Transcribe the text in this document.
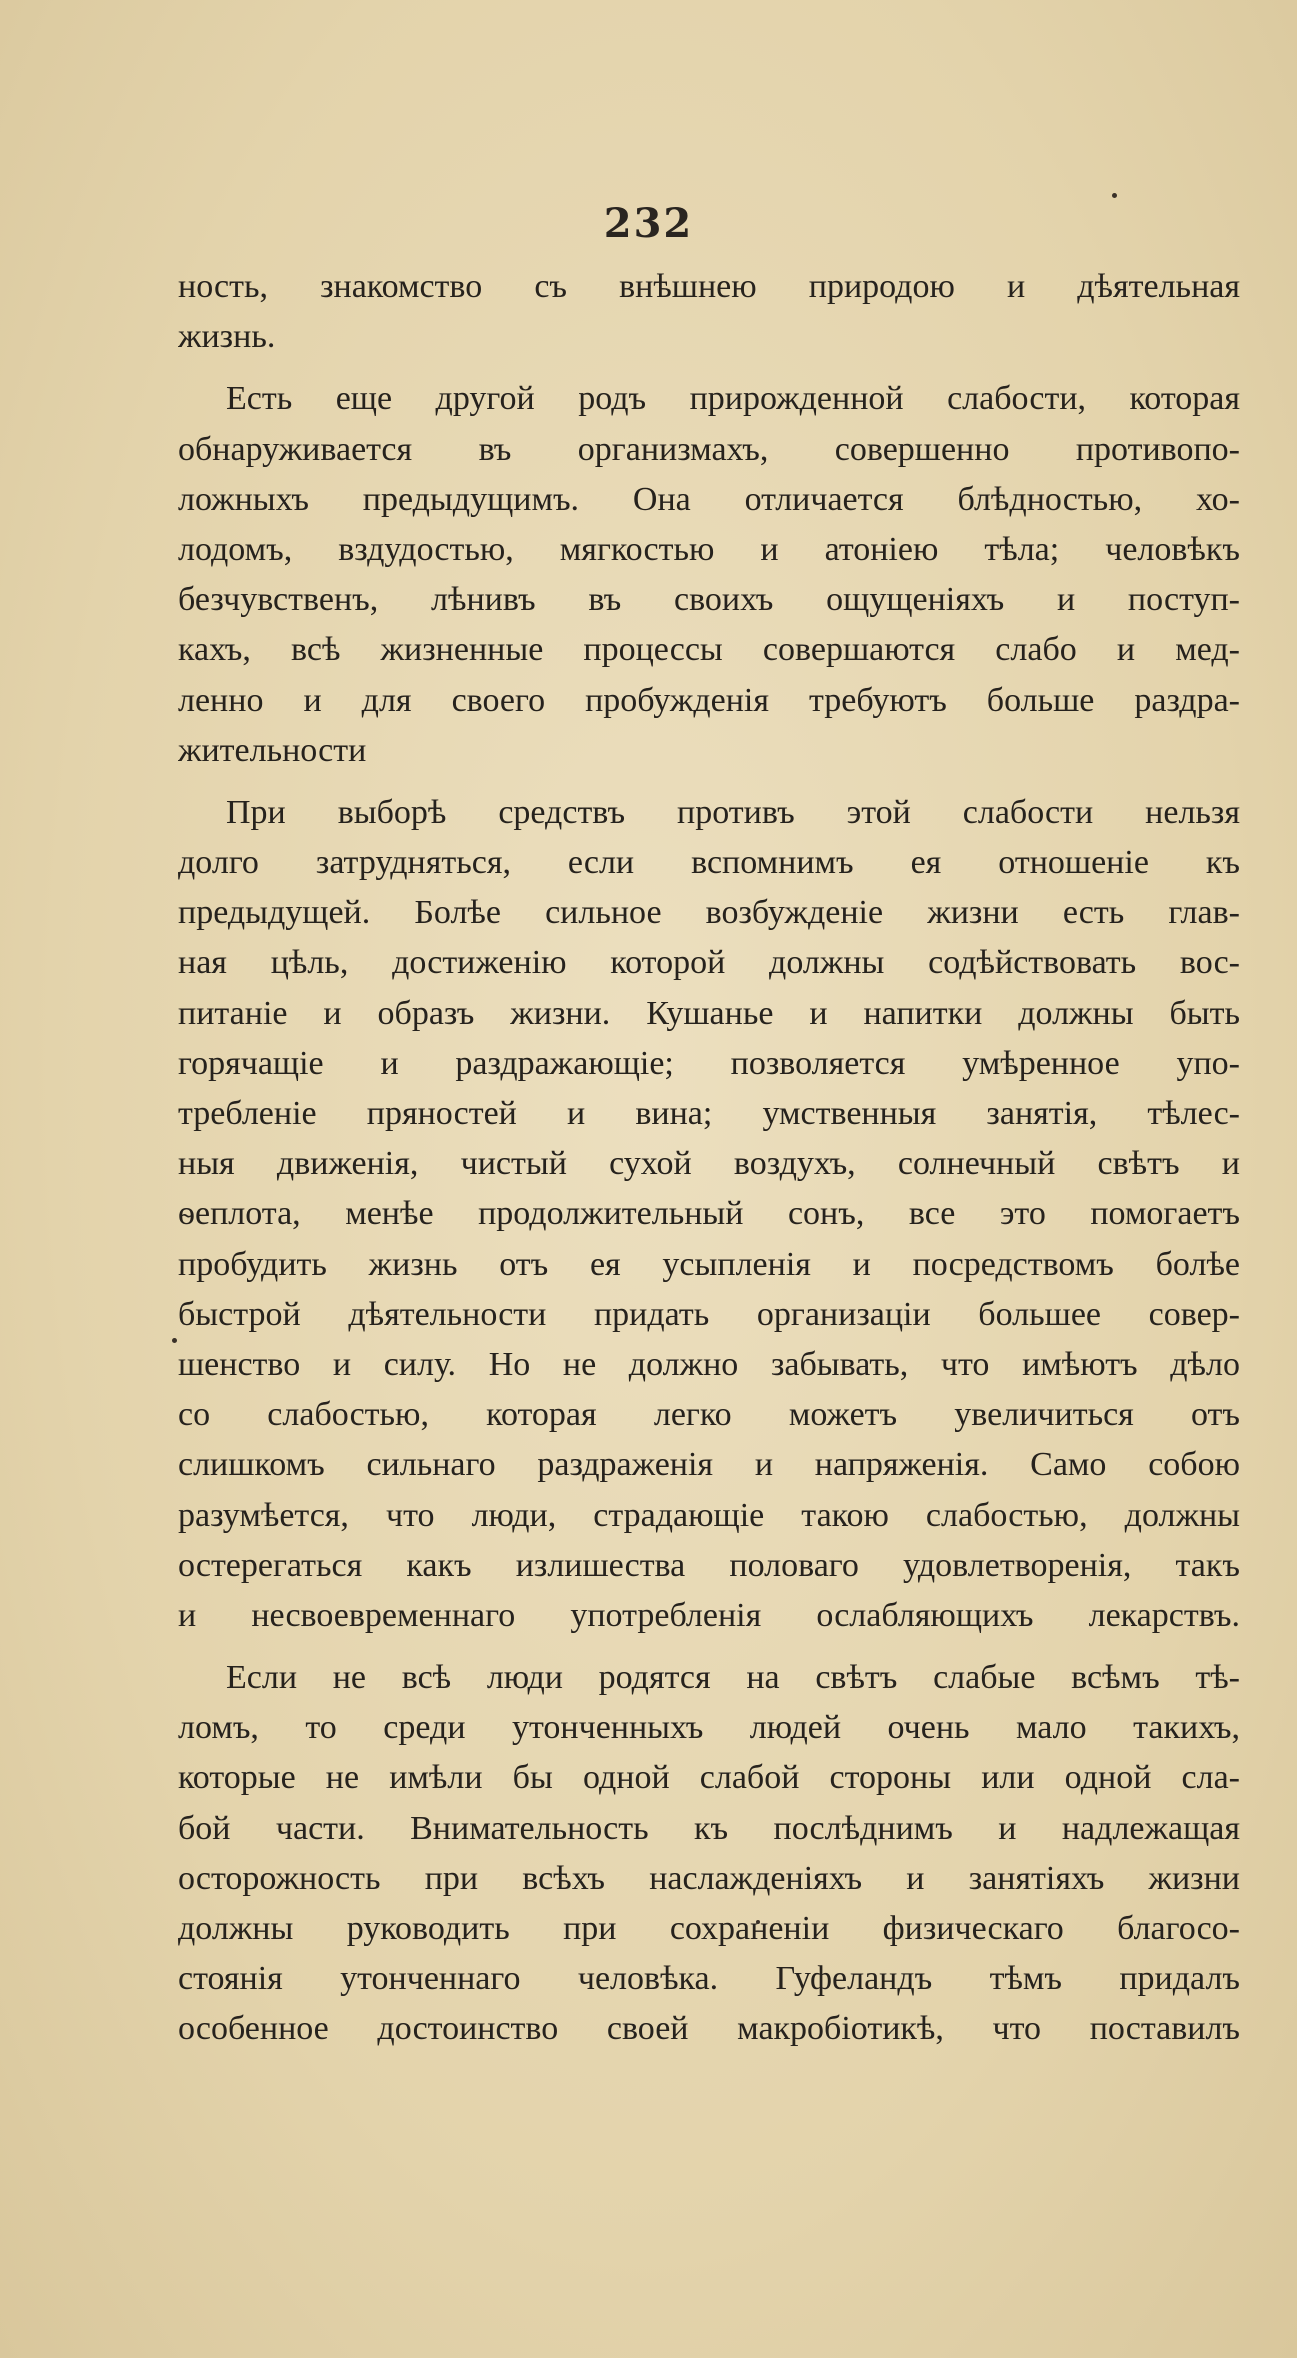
232
ность, знакомство съ внѣшнею природою и дѣятельная
жизнь.
Есть еще другой родъ прирожденной слабости, которая
обнаруживается въ организмахъ, совершенно противопо-
ложныхъ предыдущимъ. Она отличается блѣдностью, хо-
лодомъ, вздудостью, мягкостью и атоніею тѣла; человѣкъ
безчувственъ, лѣнивъ въ своихъ ощущеніяхъ и поступ-
кахъ, всѣ жизненные процессы совершаются слабо и мед-
ленно и для своего пробужденія требуютъ больше раздра-
жительности
При выборѣ средствъ противъ этой слабости нельзя
долго затрудняться, если вспомнимъ ея отношеніе къ
предыдущей. Болѣе сильное возбужденіе жизни есть глав-
ная цѣль, достиженію которой должны содѣйствовать вос-
питаніе и образъ жизни. Кушанье и напитки должны быть
горячащіе и раздражающіе; позволяется умѣренное упо-
требленіе пряностей и вина; умственныя занятія, тѣлес-
ныя движенія, чистый сухой воздухъ, солнечный свѣтъ и
ѳеплота, менѣе продолжительный сонъ, все это помогаетъ
пробудить жизнь отъ ея усыпленія и посредствомъ болѣе
быстрой дѣятельности придать организаціи большее совер-
шенство и силу. Но не должно забывать, что имѣютъ дѣло
со слабостью, которая легко можетъ увеличиться отъ
слишкомъ сильнаго раздраженія и напряженія. Само собою
разумѣется, что люди, страдающіе такою слабостью, должны
остерегаться какъ излишества половаго удовлетворенія, такъ
и несвоевременнаго употребленія ослабляющихъ лекарствъ.
Если не всѣ люди родятся на свѣтъ слабые всѣмъ тѣ-
ломъ, то среди утонченныхъ людей очень мало такихъ,
которые не имѣли бы одной слабой стороны или одной сла-
бой части. Внимательность къ послѣднимъ и надлежащая
осторожность при всѣхъ наслажденіяхъ и занятіяхъ жизни
должны руководить при сохраненіи физическаго благосо-
стоянія утонченнаго человѣка. Гуфеландъ тѣмъ придалъ
особенное достоинство своей макробіотикѣ, что поставилъ
